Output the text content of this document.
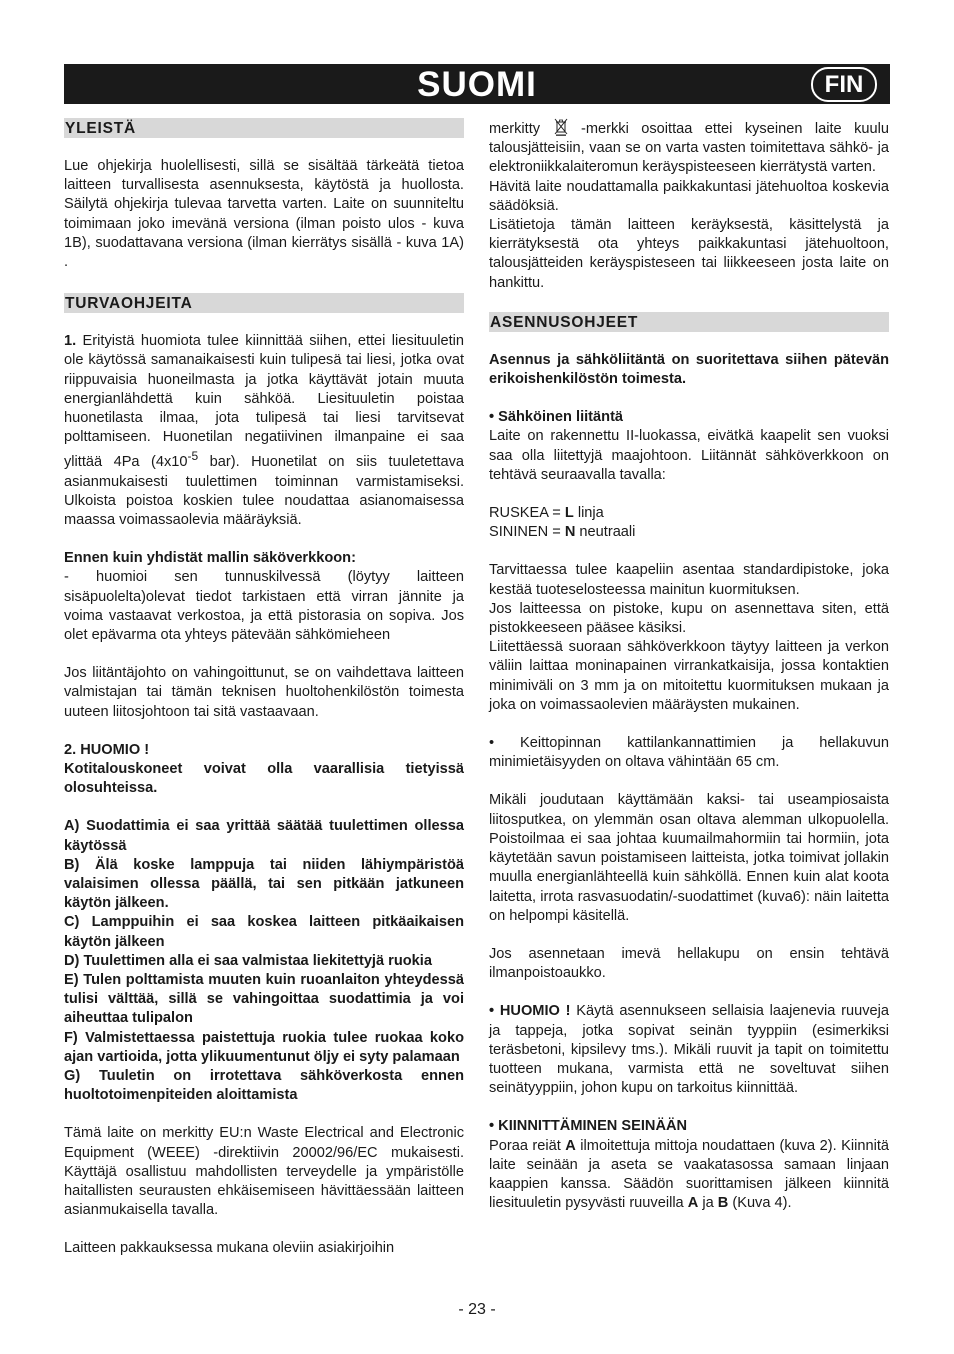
SUOMI	FIN
YLEISTÄ

Lue ohjekirja huolellisesti, sillä se sisältää tärkeätä tietoa laitteen turvallisesta asennuksesta, käytöstä ja huollosta. Säilytä ohjekirja tulevaa tarvetta varten. Laite on suunniteltu toimimaan joko imevänä versiona (ilman poisto ulos - kuva 1B), suodattavana versiona (ilman kierrätys sisällä - kuva 1A) .

TURVAOHJEITA

1. Erityistä huomiota tulee kiinnittää siihen, ettei liesituuletin ole käytössä samanaikaisesti kuin tulipesä tai liesi, jotka ovat riippuvaisia huoneilmasta ja jotka käyttävät jotain muuta energianlähdettä kuin sähköä. Liesituuletin poistaa huonetilasta ilmaa, jota tulipesä tai liesi tarvitsevat polttamiseen. Huonetilan negatiivinen ilmanpaine ei saa ylittää 4Pa ($4x10^{-5}$ bar). Huonetilat on siis tuuletettava asianmukaisesti tuulettimen toiminnan varmistamiseksi. Ulkoista poistoa koskien tulee noudattaa asianomaisessa maassa voimassaolevia määräyksiä.

Ennen kuin yhdistät mallin säköverkkoon:

- huomioi sen tunnuskilvessä (löytyy laitteen sisäpuolelta)olevat tiedot tarkistaen että virran jännite ja voima vastaavat verkostoa, ja että pistorasia on sopiva. Jos olet epävarma ota yhteys pätevään sähkömieheen

Jos liitäntäjohto on vahingoittunut, se on vaihdettava laitteen valmistajan tai tämän teknisen huoltohenkilöstön toimesta uuteen liitosjohtoon tai sitä vastaavaan.

2. HUOMIO !

Kotitalouskoneet voivat olla vaarallisia tietyissä olosuhteissa.

A) Suodattimia ei saa yrittää säätää tuulettimen ollessa käytössä

B) Älä koske lamppuja tai niiden lähiympäristöä valaisimen ollessa päällä, tai sen pitkään jatkuneen käytön jälkeen.

C) Lamppuihin ei saa koskea laitteen pitkäaikaisen käytön jälkeen

D) Tuulettimen alla ei saa valmistaa liekitettyjä ruokia

E) Tulen polttamista muuten kuin ruoanlaiton yhteydessä tulisi välttää, sillä se vahingoittaa suodattimia ja voi aiheuttaa tulipalon

F) Valmistettaessa paistettuja ruokia tulee ruokaa koko ajan vartioida, jotta ylikuumentunut öljy ei syty palamaan

G) Tuuletin on irrotettava sähköverkosta ennen huoltotoimenpiteiden aloittamista

Tämä laite on merkitty EU:n Waste Electrical and Electronic Equipment (WEEE) -direktiivin 20002/96/EC mukaisesti. Käyttäjä osallistuu mahdollisten terveydelle ja ympäristölle haitallisten seurausten ehkäisemiseen hävittäessään laitteen asianmukaisella tavalla.

Laitteen pakkauksessa mukana oleviin asiakirjoihin

merkitty  -merkki osoittaa ettei kyseinen laite kuulu talousjätteisiin, vaan se on varta vasten toimitettava sähkö- ja elektroniikkalaiteromun keräyspisteeseen kierrätystä varten.

Hävitä laite noudattamalla paikkakuntasi jätehuoltoa koskevia säädöksiä.

Lisätietoja tämän laitteen keräyksestä, käsittelystä ja kierrätyksestä ota yhteys paikkakuntasi jätehuoltoon, talousjätteiden keräyspisteseen tai liikkeeseen josta laite on hankittu.

ASENNUSOHJEET

Asennus ja sähköliitäntä on suoritettava siihen pätevän erikoishenkilöstön toimesta.

• Sähköinen liitäntä

Laite on rakennettu II-luokassa, eivätkä kaapelit sen vuoksi saa olla liitettyjä maajohtoon. Liitännät sähköverkkoon on tehtävä seuraavalla tavalla:

RUSKEA = L linja

SININEN = N neutraali

Tarvittaessa tulee kaapeliin asentaa standardipistoke, joka kestää tuoteselosteessa mainitun kuormituksen.

Jos laitteessa on pistoke, kupu on asennettava siten, että pistokkeeseen pääsee käsiksi.

Liitettäessä suoraan sähköverkkoon täytyy laitteen ja verkon väliin laittaa moninapainen virrankatkaisija, jossa kontaktien minimiväli on 3 mm ja on mitoitettu kuormituksen mukaan ja joka on voimassaolevien määräysten mukainen.

• Keittopinnan kattilankannattimien ja hellakuvun minimietäisyyden on oltava vähintään 65 cm.

Mikäli joudutaan käyttämään kaksi- tai useampiosaista liitosputkea, on ylemmän osan oltava alemman ulkopuolella. Poistoilmaa ei saa johtaa kuumailmahormiin tai hormiin, jota käytetään savun poistamiseen laitteista, jotka toimivat jollakin muulla energianlähteellä kuin sähköllä. Ennen kuin alat koota laitetta, irrota rasvasuodatin/-suodattimet (kuva6): näin laitetta on helpompi käsitellä.

Jos asennetaan imevä hellakupu on ensin tehtävä ilmanpoistoaukko.

• HUOMIO ! Käytä asennukseen sellaisia laajenevia ruuveja ja tappeja, jotka sopivat seinän tyyppiin (esimerkiksi teräsbetoni, kipsilevy tms.). Mikäli ruuvit ja tapit on toimitettu tuotteen mukana, varmista että ne soveltuvat siihen seinätyyppiin, johon kupu on tarkoitus kiinnittää.

• KIINNITTÄMINEN SEINÄÄN

Poraa reiät A ilmoitettuja mittoja noudattaen (kuva 2). Kiinnitä laite seinään ja aseta se vaakatasossa samaan linjaan kaappien kanssa. Säädön suorittamisen jälkeen kiinnitä liesituuletin pysyvästi ruuveilla A ja B (Kuva 4).

- 23 -
